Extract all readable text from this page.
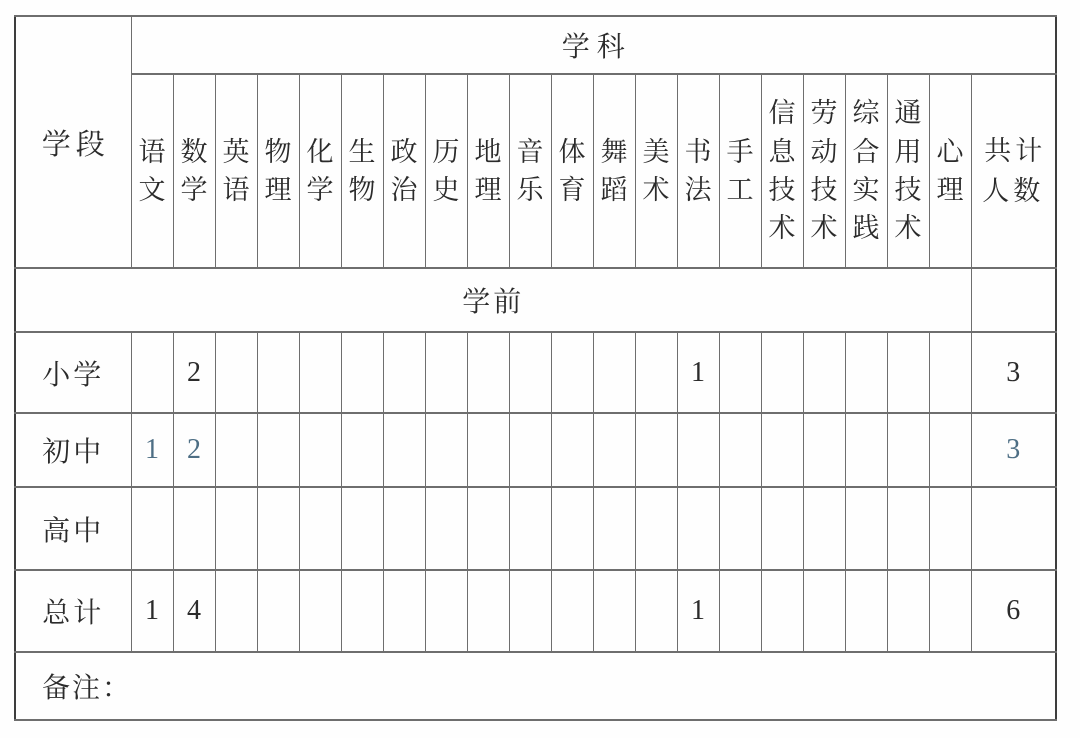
学段	学科																				
	语文	数学	英语	物理	化学	生物	政治	历史	地理	音乐	体育	舞蹈	美术	书法	手工	信息技术	劳动技术	综合实践	通用技术	心理	共计人数
学前																					
小学		2												1							3
初中	1	2																			3
高中																					
总计	1	4												1							6
备注：																					
